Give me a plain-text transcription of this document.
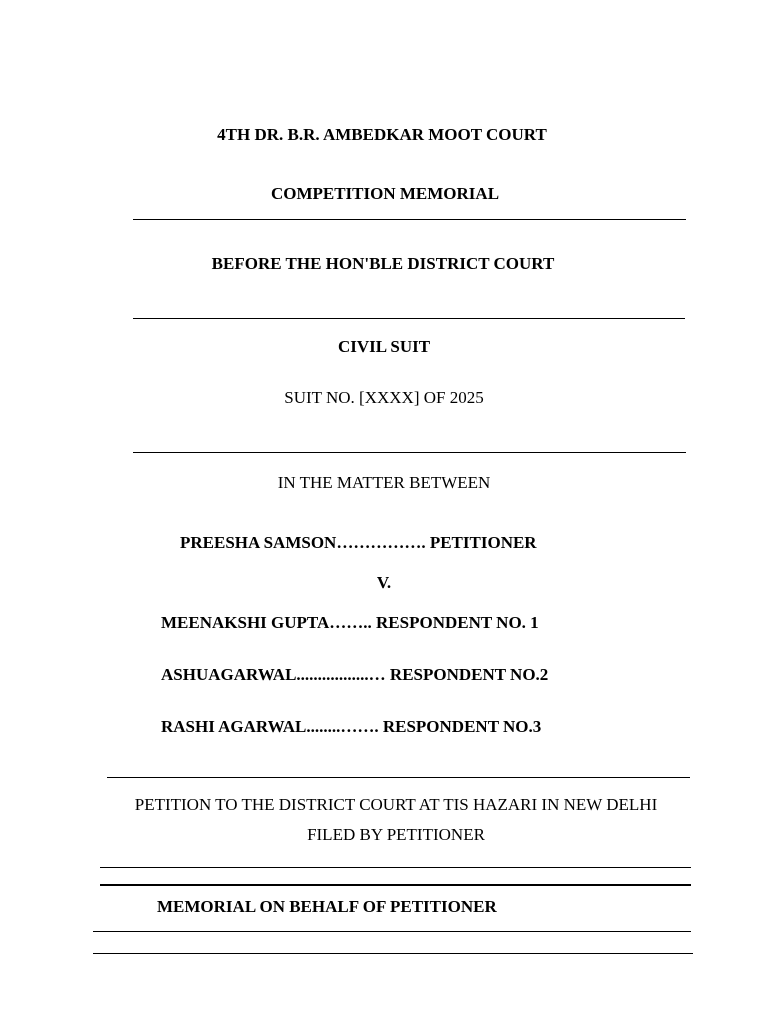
4TH DR. B.R. AMBEDKAR MOOT COURT
COMPETITION MEMORIAL
BEFORE THE HON'BLE DISTRICT COURT
CIVIL SUIT
SUIT NO. [XXXX] OF 2025
IN THE MATTER BETWEEN
PREESHA SAMSON……………. PETITIONER
V.
MEENAKSHI GUPTA…….. RESPONDENT NO. 1
ASHUAGARWAL.................… RESPONDENT NO.2
RASHI AGARWAL........……. RESPONDENT NO.3
PETITION TO THE DISTRICT COURT AT TIS HAZARI IN NEW DELHI FILED BY PETITIONER
MEMORIAL ON BEHALF OF PETITIONER
